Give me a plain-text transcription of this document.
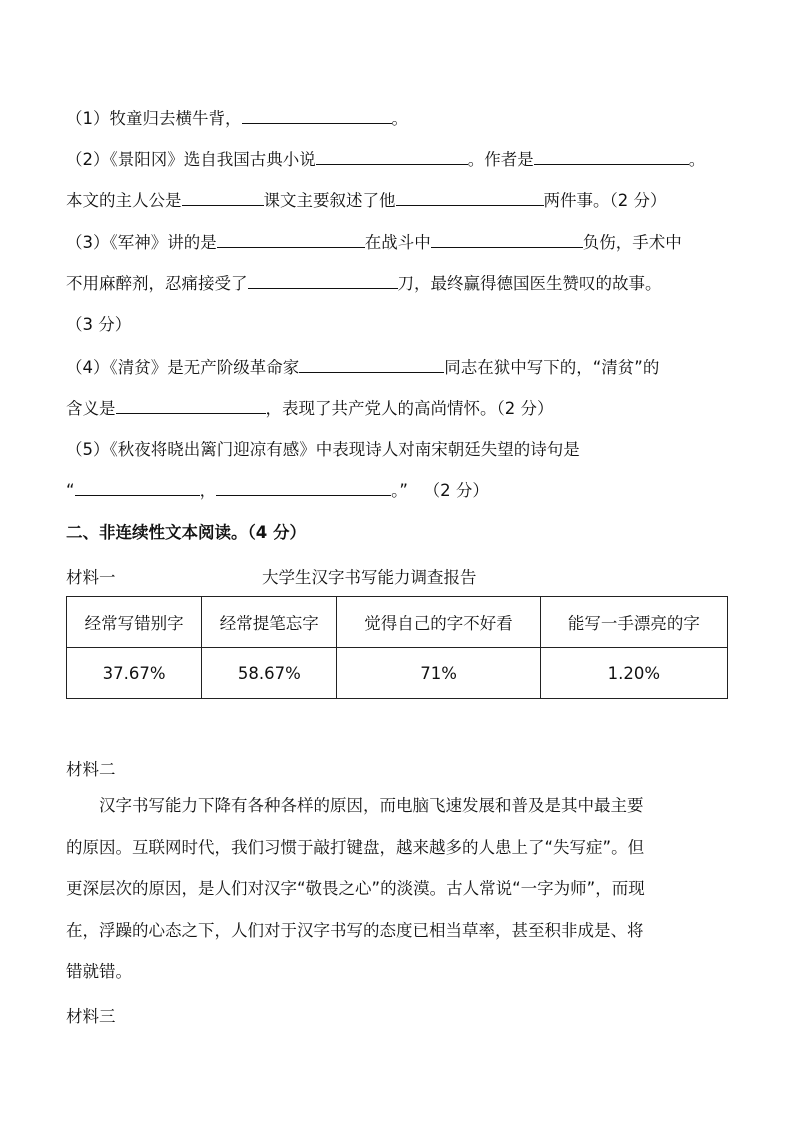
（1）牧童归去横牛背，	。
（2）《景阳冈》选自我国古典小说	。作者是	。
本文的主人公是	课文主要叙述了他	两件事。（2 分）
（3）《军神》讲的是	在战斗中	负伤，手术中
不用麻醉剂，忍痛接受了	刀，最终赢得德国医生赞叹的故事。
（3 分）
（4）《清贫》是无产阶级革命家	同志在狱中写下的，“清贫”的
含义是	，表现了共产党人的高尚情怀。（2 分）
（5）《秋夜将晓出篱门迎凉有感》中表现诗人对南宋朝廷失望的诗句是
“	，	。” （2 分）
二、非连续性文本阅读。（4 分）
材料一	大学生汉字书写能力调查报告
经常写错别字	经常提笔忘字	觉得自己的字不好看	能写一手漂亮的字
37.67%	58.67%	71%	1.20%
材料二
　　汉字书写能力下降有各种各样的原因，而电脑飞速发展和普及是其中最主要
的原因。互联网时代，我们习惯于敲打键盘，越来越多的人患上了“失写症”。但
更深层次的原因，是人们对汉字“敬畏之心”的淡漠。古人常说“一字为师”，而现
在，浮躁的心态之下，人们对于汉字书写的态度已相当草率，甚至积非成是、将
错就错。
材料三
